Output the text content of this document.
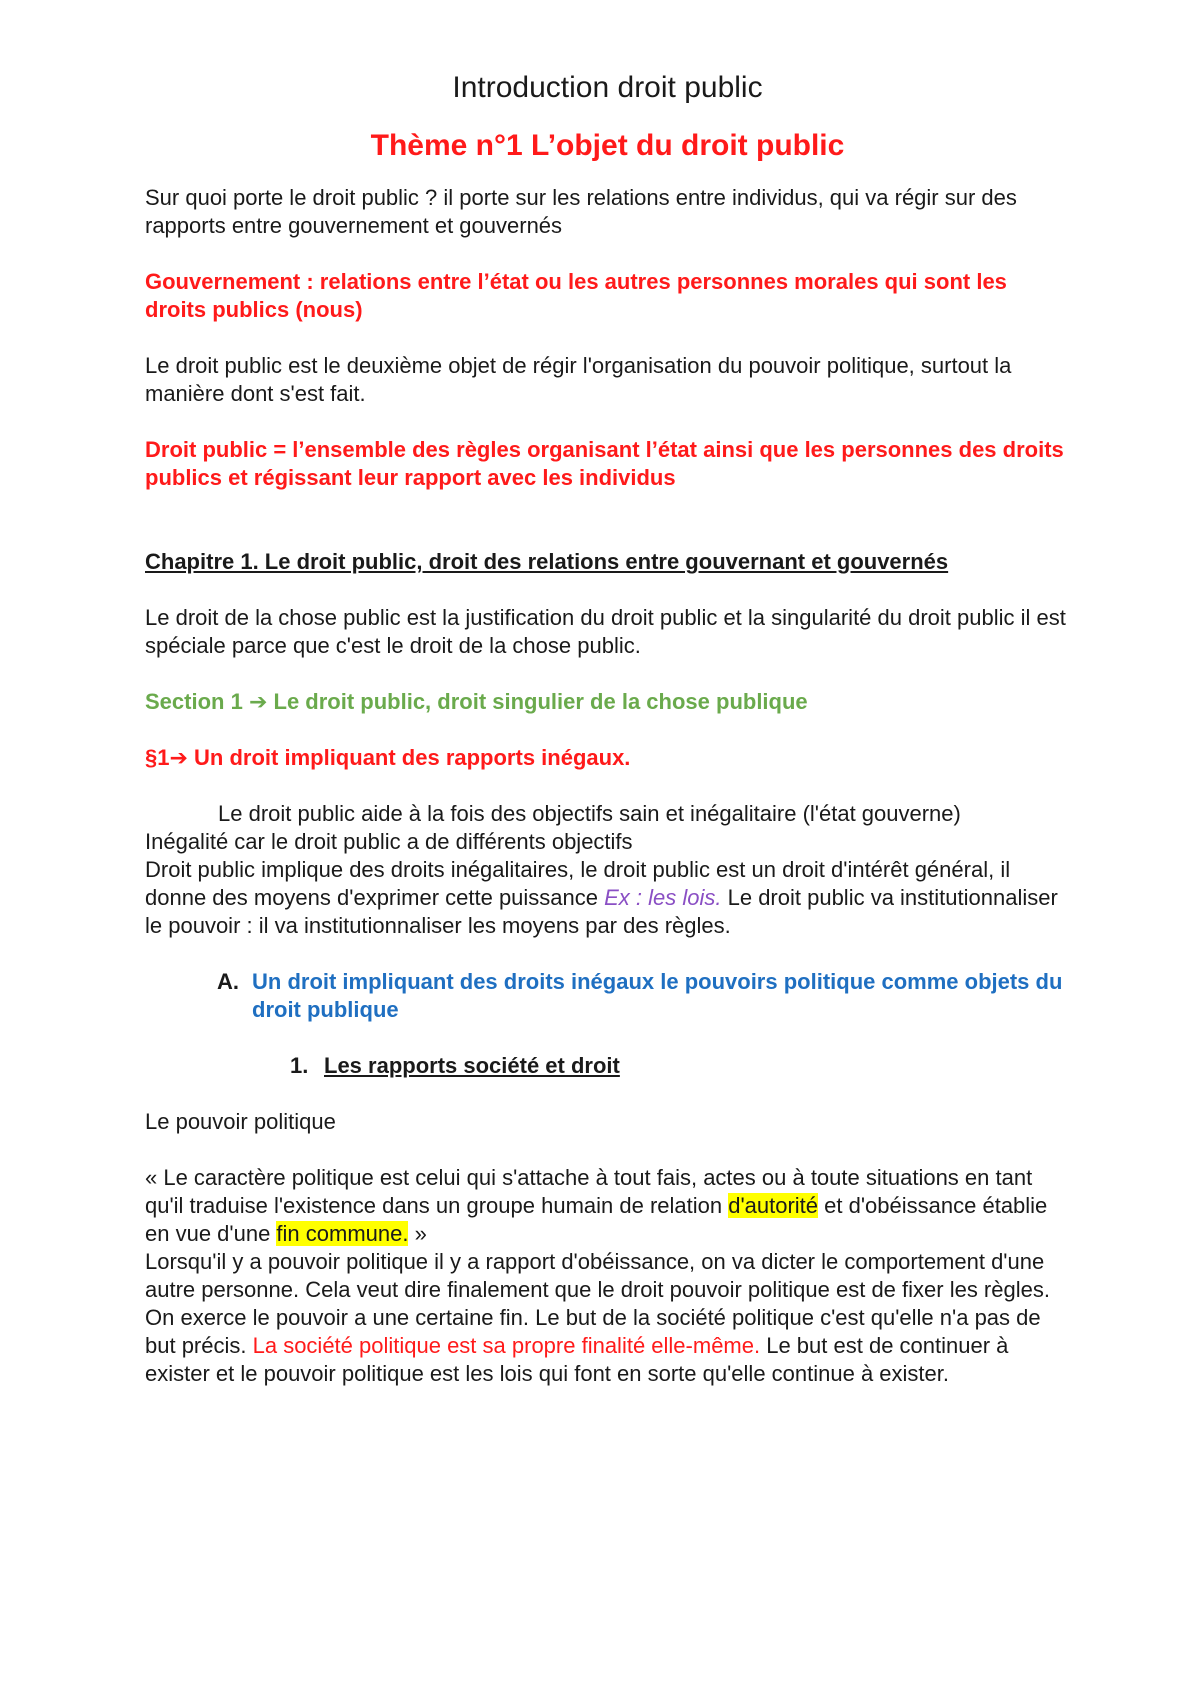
Introduction droit public

Thème n°1 L’objet du droit public

Sur quoi porte le droit public ? il porte sur les relations entre individus, qui va régir sur des rapports entre gouvernement et gouvernés

Gouvernement : relations entre l’état ou les autres personnes morales qui sont les droits publics (nous)

Le droit public est le deuxième objet de régir l'organisation du pouvoir politique, surtout la manière dont s'est fait.

Droit public = l’ensemble des règles organisant l’état ainsi que les personnes des droits publics et régissant leur rapport avec les individus

Chapitre 1. Le droit public, droit des relations entre gouvernant et gouvernés

Le droit de la chose public est la justification du droit public et la singularité du droit public il est spéciale parce que c'est le droit de la chose public.

Section 1 ➔ Le droit public, droit singulier de la chose publique

§1➔ Un droit impliquant des rapports inégaux.

Le droit public aide à la fois des objectifs sain et inégalitaire (l'état gouverne)

Inégalité car le droit public a de différents objectifs

Droit public implique des droits inégalitaires, le droit public est un droit d'intérêt général, il donne des moyens d'exprimer cette puissance Ex : les lois. Le droit public va institutionnaliser le pouvoir : il va institutionnaliser les moyens par des règles.

A. Un droit impliquant des droits inégaux le pouvoirs politique comme objets du droit publique
1. Les rapports société et droit

Le pouvoir politique

« Le caractère politique est celui qui s'attache à tout fais, actes ou à toute situations en tant qu'il traduise l'existence dans un groupe humain de relation d'autorité et d'obéissance établie en vue d'une fin commune. »

Lorsqu'il y a pouvoir politique il y a rapport d'obéissance, on va dicter le comportement d'une autre personne. Cela veut dire finalement que le droit pouvoir politique est de fixer les règles. On exerce le pouvoir a une certaine fin. Le but de la société politique c'est qu'elle n'a pas de but précis. La société politique est sa propre finalité elle-même. Le but est de continuer à exister et le pouvoir politique est les lois qui font en sorte qu'elle continue à exister.
